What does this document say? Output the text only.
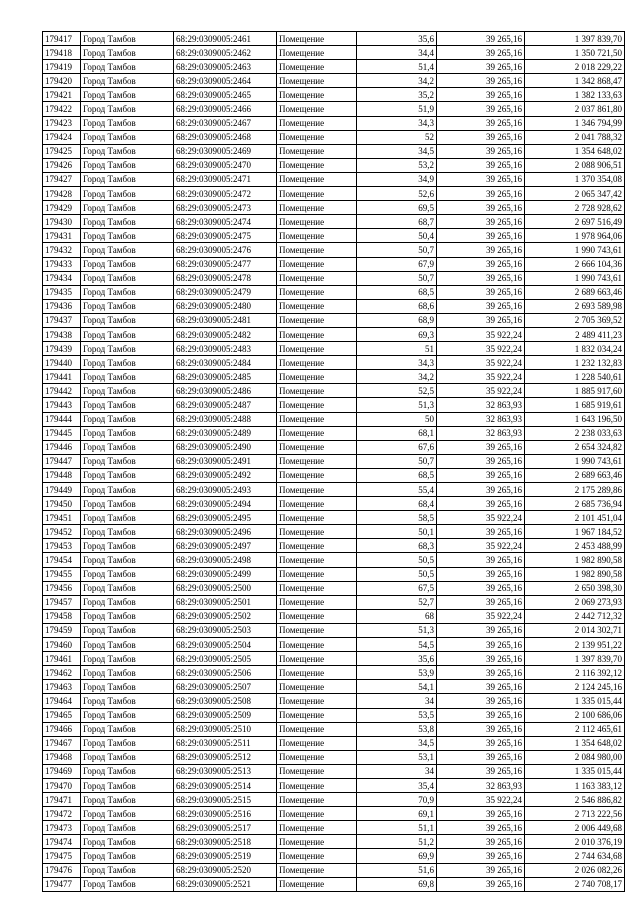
179417	Город Тамбов	68:29:0309005:2461	Помещение	35,6	39 265,16	1 397 839,70
179418	Город Тамбов	68:29:0309005:2462	Помещение	34,4	39 265,16	1 350 721,50
179419	Город Тамбов	68:29:0309005:2463	Помещение	51,4	39 265,16	2 018 229,22
179420	Город Тамбов	68:29:0309005:2464	Помещение	34,2	39 265,16	1 342 868,47
179421	Город Тамбов	68:29:0309005:2465	Помещение	35,2	39 265,16	1 382 133,63
179422	Город Тамбов	68:29:0309005:2466	Помещение	51,9	39 265,16	2 037 861,80
179423	Город Тамбов	68:29:0309005:2467	Помещение	34,3	39 265,16	1 346 794,99
179424	Город Тамбов	68:29:0309005:2468	Помещение	52	39 265,16	2 041 788,32
179425	Город Тамбов	68:29:0309005:2469	Помещение	34,5	39 265,16	1 354 648,02
179426	Город Тамбов	68:29:0309005:2470	Помещение	53,2	39 265,16	2 088 906,51
179427	Город Тамбов	68:29:0309005:2471	Помещение	34,9	39 265,16	1 370 354,08
179428	Город Тамбов	68:29:0309005:2472	Помещение	52,6	39 265,16	2 065 347,42
179429	Город Тамбов	68:29:0309005:2473	Помещение	69,5	39 265,16	2 728 928,62
179430	Город Тамбов	68:29:0309005:2474	Помещение	68,7	39 265,16	2 697 516,49
179431	Город Тамбов	68:29:0309005:2475	Помещение	50,4	39 265,16	1 978 964,06
179432	Город Тамбов	68:29:0309005:2476	Помещение	50,7	39 265,16	1 990 743,61
179433	Город Тамбов	68:29:0309005:2477	Помещение	67,9	39 265,16	2 666 104,36
179434	Город Тамбов	68:29:0309005:2478	Помещение	50,7	39 265,16	1 990 743,61
179435	Город Тамбов	68:29:0309005:2479	Помещение	68,5	39 265,16	2 689 663,46
179436	Город Тамбов	68:29:0309005:2480	Помещение	68,6	39 265,16	2 693 589,98
179437	Город Тамбов	68:29:0309005:2481	Помещение	68,9	39 265,16	2 705 369,52
179438	Город Тамбов	68:29:0309005:2482	Помещение	69,3	35 922,24	2 489 411,23
179439	Город Тамбов	68:29:0309005:2483	Помещение	51	35 922,24	1 832 034,24
179440	Город Тамбов	68:29:0309005:2484	Помещение	34,3	35 922,24	1 232 132,83
179441	Город Тамбов	68:29:0309005:2485	Помещение	34,2	35 922,24	1 228 540,61
179442	Город Тамбов	68:29:0309005:2486	Помещение	52,5	35 922,24	1 885 917,60
179443	Город Тамбов	68:29:0309005:2487	Помещение	51,3	32 863,93	1 685 919,61
179444	Город Тамбов	68:29:0309005:2488	Помещение	50	32 863,93	1 643 196,50
179445	Город Тамбов	68:29:0309005:2489	Помещение	68,1	32 863,93	2 238 033,63
179446	Город Тамбов	68:29:0309005:2490	Помещение	67,6	39 265,16	2 654 324,82
179447	Город Тамбов	68:29:0309005:2491	Помещение	50,7	39 265,16	1 990 743,61
179448	Город Тамбов	68:29:0309005:2492	Помещение	68,5	39 265,16	2 689 663,46
179449	Город Тамбов	68:29:0309005:2493	Помещение	55,4	39 265,16	2 175 289,86
179450	Город Тамбов	68:29:0309005:2494	Помещение	68,4	39 265,16	2 685 736,94
179451	Город Тамбов	68:29:0309005:2495	Помещение	58,5	35 922,24	2 101 451,04
179452	Город Тамбов	68:29:0309005:2496	Помещение	50,1	39 265,16	1 967 184,52
179453	Город Тамбов	68:29:0309005:2497	Помещение	68,3	35 922,24	2 453 488,99
179454	Город Тамбов	68:29:0309005:2498	Помещение	50,5	39 265,16	1 982 890,58
179455	Город Тамбов	68:29:0309005:2499	Помещение	50,5	39 265,16	1 982 890,58
179456	Город Тамбов	68:29:0309005:2500	Помещение	67,5	39 265,16	2 650 398,30
179457	Город Тамбов	68:29:0309005:2501	Помещение	52,7	39 265,16	2 069 273,93
179458	Город Тамбов	68:29:0309005:2502	Помещение	68	35 922,24	2 442 712,32
179459	Город Тамбов	68:29:0309005:2503	Помещение	51,3	39 265,16	2 014 302,71
179460	Город Тамбов	68:29:0309005:2504	Помещение	54,5	39 265,16	2 139 951,22
179461	Город Тамбов	68:29:0309005:2505	Помещение	35,6	39 265,16	1 397 839,70
179462	Город Тамбов	68:29:0309005:2506	Помещение	53,9	39 265,16	2 116 392,12
179463	Город Тамбов	68:29:0309005:2507	Помещение	54,1	39 265,16	2 124 245,16
179464	Город Тамбов	68:29:0309005:2508	Помещение	34	39 265,16	1 335 015,44
179465	Город Тамбов	68:29:0309005:2509	Помещение	53,5	39 265,16	2 100 686,06
179466	Город Тамбов	68:29:0309005:2510	Помещение	53,8	39 265,16	2 112 465,61
179467	Город Тамбов	68:29:0309005:2511	Помещение	34,5	39 265,16	1 354 648,02
179468	Город Тамбов	68:29:0309005:2512	Помещение	53,1	39 265,16	2 084 980,00
179469	Город Тамбов	68:29:0309005:2513	Помещение	34	39 265,16	1 335 015,44
179470	Город Тамбов	68:29:0309005:2514	Помещение	35,4	32 863,93	1 163 383,12
179471	Город Тамбов	68:29:0309005:2515	Помещение	70,9	35 922,24	2 546 886,82
179472	Город Тамбов	68:29:0309005:2516	Помещение	69,1	39 265,16	2 713 222,56
179473	Город Тамбов	68:29:0309005:2517	Помещение	51,1	39 265,16	2 006 449,68
179474	Город Тамбов	68:29:0309005:2518	Помещение	51,2	39 265,16	2 010 376,19
179475	Город Тамбов	68:29:0309005:2519	Помещение	69,9	39 265,16	2 744 634,68
179476	Город Тамбов	68:29:0309005:2520	Помещение	51,6	39 265,16	2 026 082,26
179477	Город Тамбов	68:29:0309005:2521	Помещение	69,8	39 265,16	2 740 708,17
